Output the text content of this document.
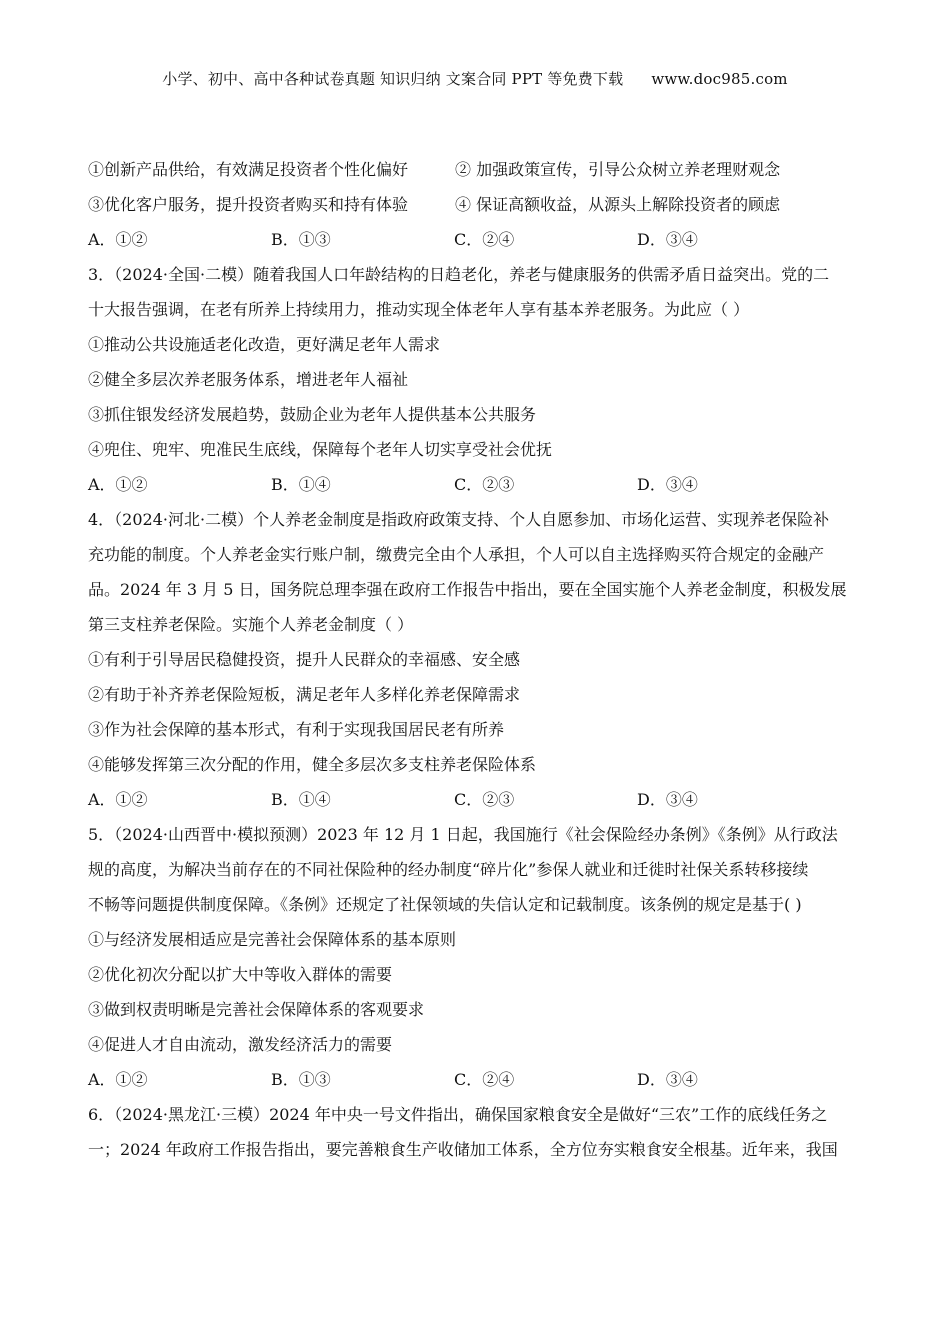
小学、初中、高中各种试卷真题 知识归纳 文案合同 PPT 等免费下载 www.doc985.com
①创新产品供给，有效满足投资者个性化偏好	② 加强政策宣传，引导公众树立养老理财观念
③优化客户服务，提升投资者购买和持有体验	④ 保证高额收益，从源头上解除投资者的顾虑
A．①②	B．①③	C．②④	D．③④
3．（2024·全国·二模）随着我国人口年龄结构的日趋老化，养老与健康服务的供需矛盾日益突出。党的二
十大报告强调，在老有所养上持续用力，推动实现全体老年人享有基本养老服务。为此应（ ）
①推动公共设施适老化改造，更好满足老年人需求
②健全多层次养老服务体系，增进老年人福祉
③抓住银发经济发展趋势，鼓励企业为老年人提供基本公共服务
④兜住、兜牢、兜准民生底线，保障每个老年人切实享受社会优抚
A．①②	B．①④	C．②③	D．③④
4．（2024·河北·二模）个人养老金制度是指政府政策支持、个人自愿参加、市场化运营、实现养老保险补
充功能的制度。个人养老金实行账户制，缴费完全由个人承担，个人可以自主选择购买符合规定的金融产
品。2024 年 3 月 5 日，国务院总理李强在政府工作报告中指出，要在全国实施个人养老金制度，积极发展
第三支柱养老保险。实施个人养老金制度（ ）
①有利于引导居民稳健投资，提升人民群众的幸福感、安全感
②有助于补齐养老保险短板，满足老年人多样化养老保障需求
③作为社会保障的基本形式，有利于实现我国居民老有所养
④能够发挥第三次分配的作用，健全多层次多支柱养老保险体系
A．①②	B．①④	C．②③	D．③④
5．（2024·山西晋中·模拟预测）2023 年 12 月 1 日起，我国施行《社会保险经办条例》《条例》从行政法
规的高度，为解决当前存在的不同社保险种的经办制度“碎片化”参保人就业和迁徙时社保关系转移接续
不畅等问题提供制度保障。《条例》还规定了社保领域的失信认定和记载制度。该条例的规定是基于( )
①与经济发展相适应是完善社会保障体系的基本原则
②优化初次分配以扩大中等收入群体的需要
③做到权责明晰是完善社会保障体系的客观要求
④促进人才自由流动，激发经济活力的需要
A．①②	B．①③	C．②④	D．③④
6．（2024·黑龙江·三模）2024 年中央一号文件指出，确保国家粮食安全是做好“三农”工作的底线任务之
一；2024 年政府工作报告指出，要完善粮食生产收储加工体系，全方位夯实粮食安全根基。近年来，我国
